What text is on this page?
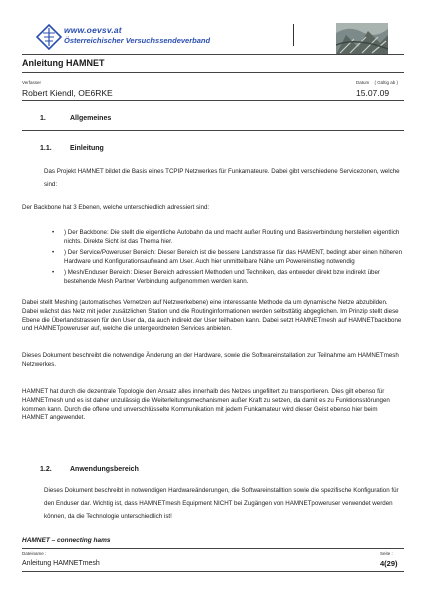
www.oevsv.at
Österreichischer Versuchssendeverband
Anleitung HAMNET
Verfasser	Datum ( Gültig ab )
Robert Kiendl, OE6RKE	15.07.09
1.	Allgemeines
1.1.	Einleitung
Das Projekt HAMNET bildet die Basis eines TCPIP Netzwerkes für Funkamateure. Dabei gibt verschiedene Servicezonen, welche sind:
Der Backbone hat 3 Ebenen, welche unterschiedlich adressiert sind:
• ) Der Backbone: Die stellt die eigentliche Autobahn da und macht außer Routing und Basisverbindung herstellen eigentlich nichts. Direkte Sicht ist das Thema hier.
• ) Der Service/Poweruser Bereich: Dieser Bereich ist die bessere Landstrasse für das HAMENT, bedingt aber einen höheren Hardware und Konfigurationsaufwand am User. Auch hier unmittelbare Nähe um Powereinstieg notwendig
• ) Mesh/Enduser Bereich: Dieser Bereich adressiert Methoden und Techniken, das entweder direkt bzw indirekt über bestehende Mesh Partner Verbindung aufgenommen werden kann.
Dabei stellt Meshing (automatisches Vernetzen auf Netzwerkebene) eine interessante Methode da um dynamische Netze abzubilden. Dabei wächst das Netz mit jeder zusätzlichen Station und die Routinginformationen werden selbsttätig abgeglichen. Im Prinzip stellt diese Ebene die Überlandstrassen für den User da, da auch indirekt der User teilhaben kann. Dabei setzt HAMNETmesh auf HAMNETbackbone und HAMNETpoweruser auf, welche die untergeordneten Services anbieten.
Dieses Dokument beschreibt die notwendige Änderung an der Hardware, sowie die Softwareinstallation zur Teilnahme am HAMNETmesh Netzwerkes.
HAMNET hat durch die dezentrale Topologie den Ansatz alles innerhalb des Netzes ungefiltert zu transportieren. Dies gilt ebenso für HAMNETmesh und es ist daher unzulässig die Weiterleitungsmechanismen außer Kraft zu setzen, da damit es zu Funktionsstörungen kommen kann. Durch die offene und unverschlüsselte Kommunikation mit jedem Funkamateur wird dieser Geist ebenso hier beim HAMNET angewendet.
1.2.	Anwendungsbereich
Dieses Dokument beschreibt in notwendigen Hardwareänderungen, die Softwareinstalltion sowie die spezifische Konfiguration für den Enduser dar. Wichtig ist, dass HAMNETmesh Equipment NICHT bei Zugängen von HAMNETpoweruser verwendet werden können, da die Technologie unterschiedlich ist!
HAMNET – connecting hams
Dateiname :	Seite :
Anleitung HAMNETmesh	4(29)
